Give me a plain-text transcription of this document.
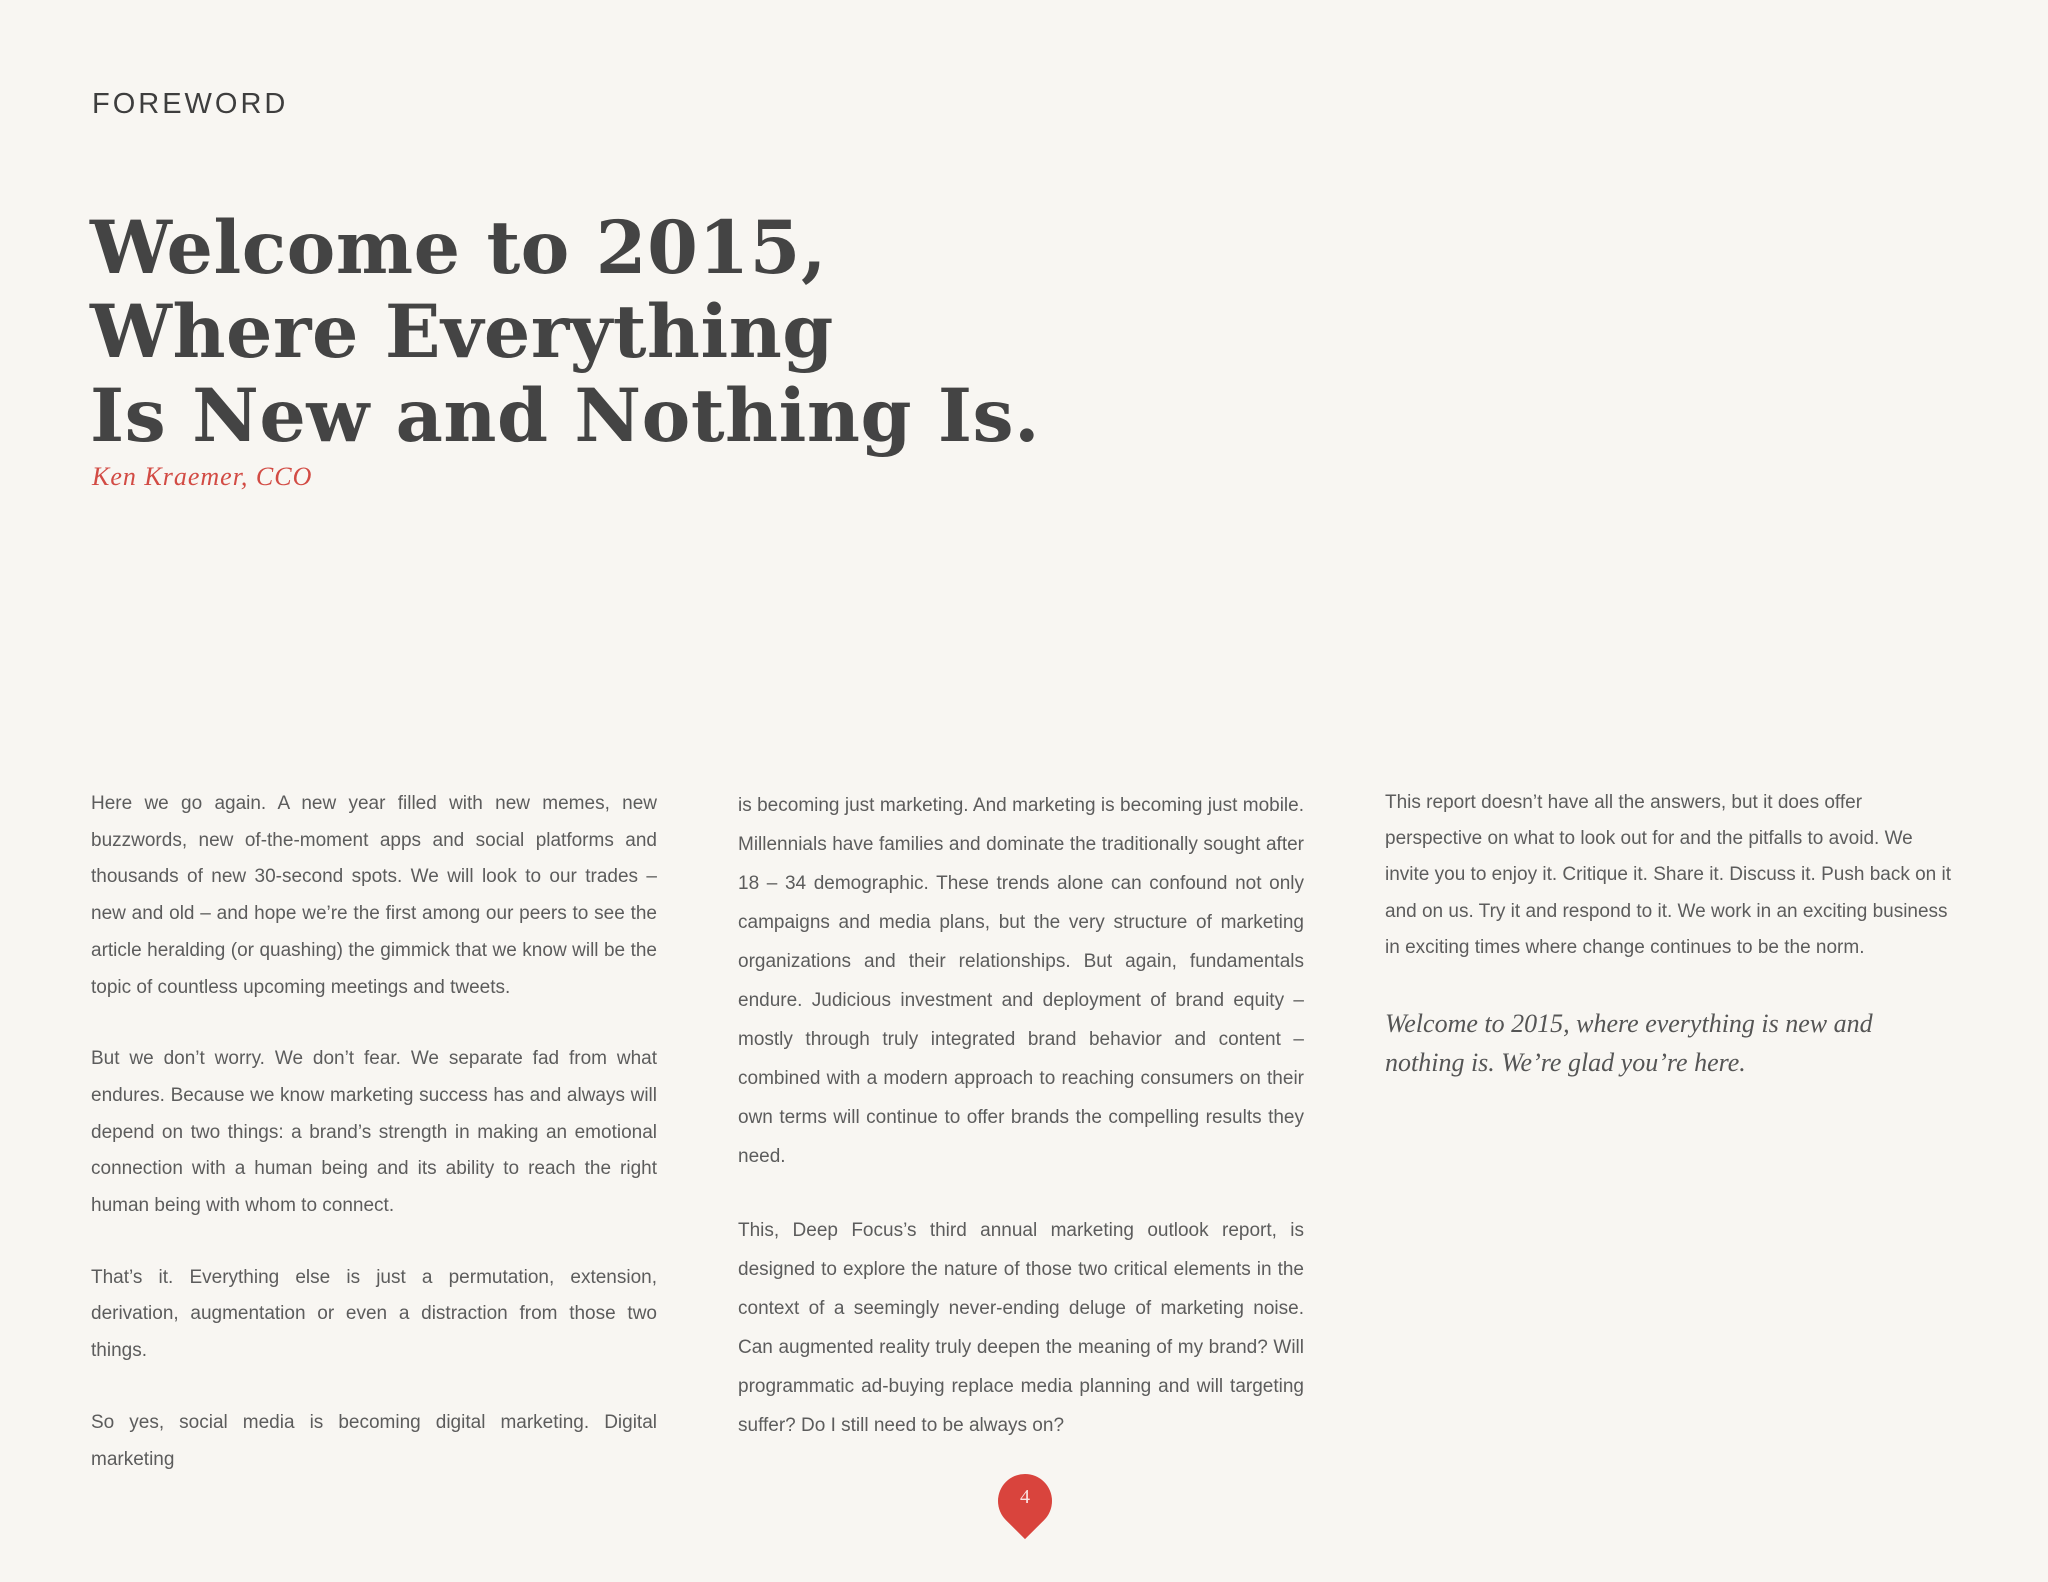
FOREWORD
Welcome to 2015,
Where Everything
Is New and Nothing Is.

Ken Kraemer, CCO

Here we go again. A new year filled with new memes, new buzzwords, new of-the-moment apps and social platforms and thousands of new 30-second spots. We will look to our trades – new and old – and hope we’re the first among our peers to see the article heralding (or quashing) the gimmick that we know will be the topic of countless upcoming meetings and tweets.

But we don’t worry. We don’t fear. We separate fad from what endures. Because we know marketing success has and always will depend on two things: a brand’s strength in making an emotional connection with a human being and its ability to reach the right human being with whom to connect.

That’s it. Everything else is just a permutation, extension, derivation, augmentation or even a distraction from those two things.

So yes, social media is becoming digital marketing. Digital marketing

is becoming just marketing. And marketing is becoming just mobile. Millennials have families and dominate the traditionally sought after 18 – 34 demographic. These trends alone can confound not only campaigns and media plans, but the very structure of marketing organizations and their relationships. But again, fundamentals endure. Judicious investment and deployment of brand equity – mostly through truly integrated brand behavior and content – combined with a modern approach to reaching consumers on their own terms will continue to offer brands the compelling results they need.

This, Deep Focus’s third annual marketing outlook report, is designed to explore the nature of those two critical elements in the context of a seemingly never-ending deluge of marketing noise. Can augmented reality truly deepen the meaning of my brand? Will programmatic ad-buying replace media planning and will targeting suffer? Do I still need to be always on?

This report doesn’t have all the answers, but it does offer perspective on what to look out for and the pitfalls to avoid. We invite you to enjoy it. Critique it. Share it. Discuss it. Push back on it and on us. Try it and respond to it. We work in an exciting business in exciting times where change continues to be the norm.

Welcome to 2015, where everything is new and nothing is. We’re glad you’re here.

4
